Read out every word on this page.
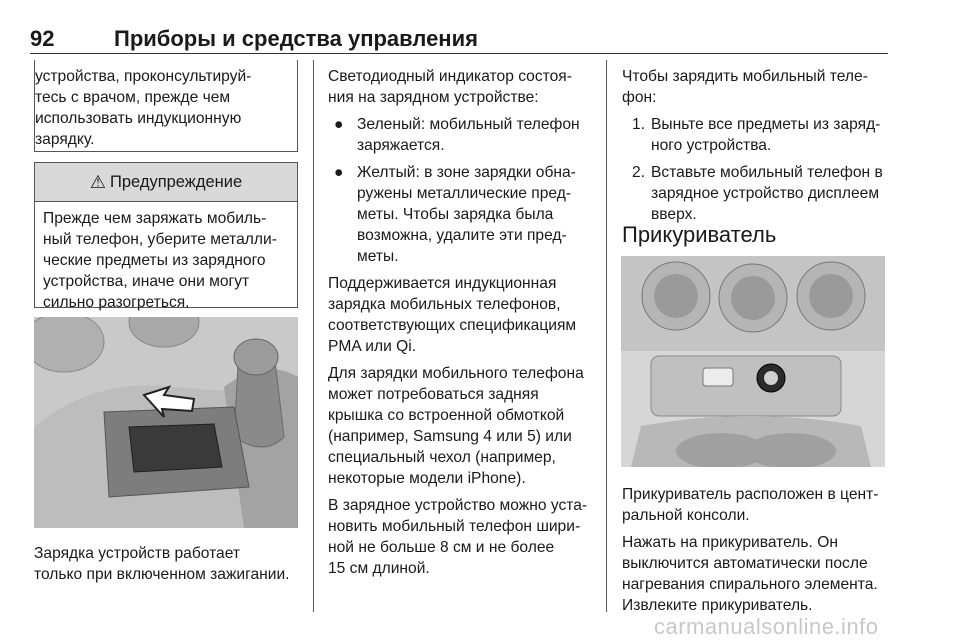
92	Приборы и средства управления

устройства, проконсультируй-

тесь с врачом, прежде чем

использовать индукционную

зарядку.

⚠ Предупреждение

Прежде чем заряжать мобиль-

ный телефон, уберите металли-

ческие предметы из зарядного

устройства, иначе они могут

сильно разогреться.

Зарядка устройств работает

только при включенном зажигании.

Светодиодный индикатор состоя-
ния на зарядном устройстве:

● Зеленый: мобильный телефон
заряжается.
● Желтый: в зоне зарядки обна-
ружены металлические пред-
меты. Чтобы зарядка была
возможна, удалите эти пред-
меты.

Поддерживается индукционная
зарядка мобильных телефонов,
соответствующих спецификациям
PMA или Qi.

Для зарядки мобильного телефона
может потребоваться задняя
крышка со встроенной обмоткой
(например, Samsung 4 или 5) или
специальный чехол (например,
некоторые модели iPhone).

В зарядное устройство можно уста-
новить мобильный телефон шири-
ной не больше 8 см и не более
15 см длиной.

Чтобы зарядить мобильный теле-
фон:

1. Выньте все предметы из заряд-
ного устройства.
2. Вставьте мобильный телефон в
зарядное устройство дисплеем
вверх.
Прикуриватель

Прикуриватель расположен в цент-
ральной консоли.

Нажать на прикуриватель. Он
выключится автоматически после
нагревания спирального элемента.
Извлеките прикуриватель.

carmanualsonline.info
